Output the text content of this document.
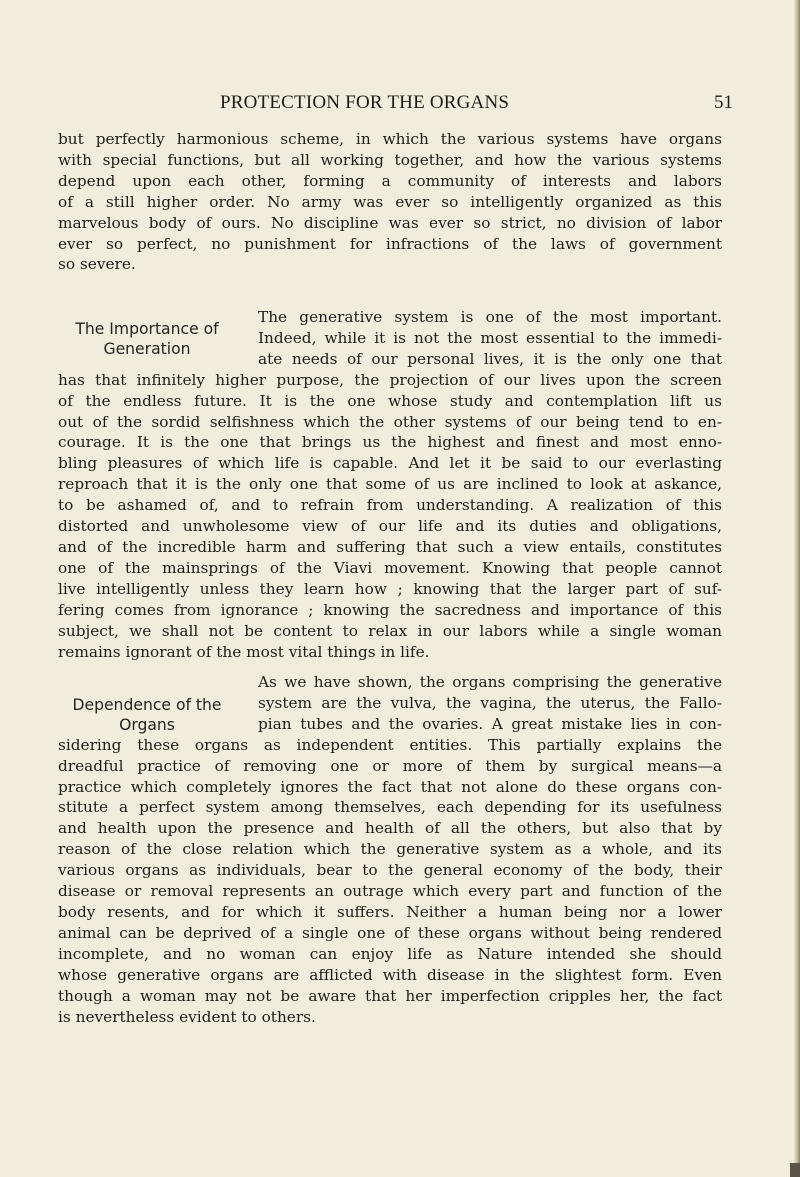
PROTECTION FOR THE ORGANS	51

but perfectly harmonious scheme, in which the various systems have organs
with special functions, but all working together, and how the various systems
depend upon each other, forming a community of interests and labors
of a still higher order. No army was ever so intelligently organized as this
marvelous body of ours. No discipline was ever so strict, no division of labor
ever so perfect, no punishment for infractions of the laws of government
so severe.

The Importance of
Generation

The generative system is one of the most important.
Indeed, while it is not the most essential to the immedi-
ate needs of our personal lives, it is the only one that
has that infinitely higher purpose, the projection of our lives upon the screen
of the endless future. It is the one whose study and contemplation lift us
out of the sordid selfishness which the other systems of our being tend to en-
courage. It is the one that brings us the highest and finest and most enno-
bling pleasures of which life is capable. And let it be said to our everlasting
reproach that it is the only one that some of us are inclined to look at askance,
to be ashamed of, and to refrain from understanding. A realization of this
distorted and unwholesome view of our life and its duties and obligations,
and of the incredible harm and suffering that such a view entails, constitutes
one of the mainsprings of the Viavi movement. Knowing that people cannot
live intelligently unless they learn how ; knowing that the larger part of suf-
fering comes from ignorance ; knowing the sacredness and importance of this
subject, we shall not be content to relax in our labors while a single woman
remains ignorant of the most vital things in life.

Dependence of the
Organs

As we have shown, the organs comprising the generative
system are the vulva, the vagina, the uterus, the Fallo-
pian tubes and the ovaries. A great mistake lies in con-
sidering these organs as independent entities. This partially explains the
dreadful practice of removing one or more of them by surgical means—a
practice which completely ignores the fact that not alone do these organs con-
stitute a perfect system among themselves, each depending for its usefulness
and health upon the presence and health of all the others, but also that by
reason of the close relation which the generative system as a whole, and its
various organs as individuals, bear to the general economy of the body, their
disease or removal represents an outrage which every part and function of the
body resents, and for which it suffers. Neither a human being nor a lower
animal can be deprived of a single one of these organs without being rendered
incomplete, and no woman can enjoy life as Nature intended she should
whose generative organs are afflicted with disease in the slightest form. Even
though a woman may not be aware that her imperfection cripples her, the fact
is nevertheless evident to others.
